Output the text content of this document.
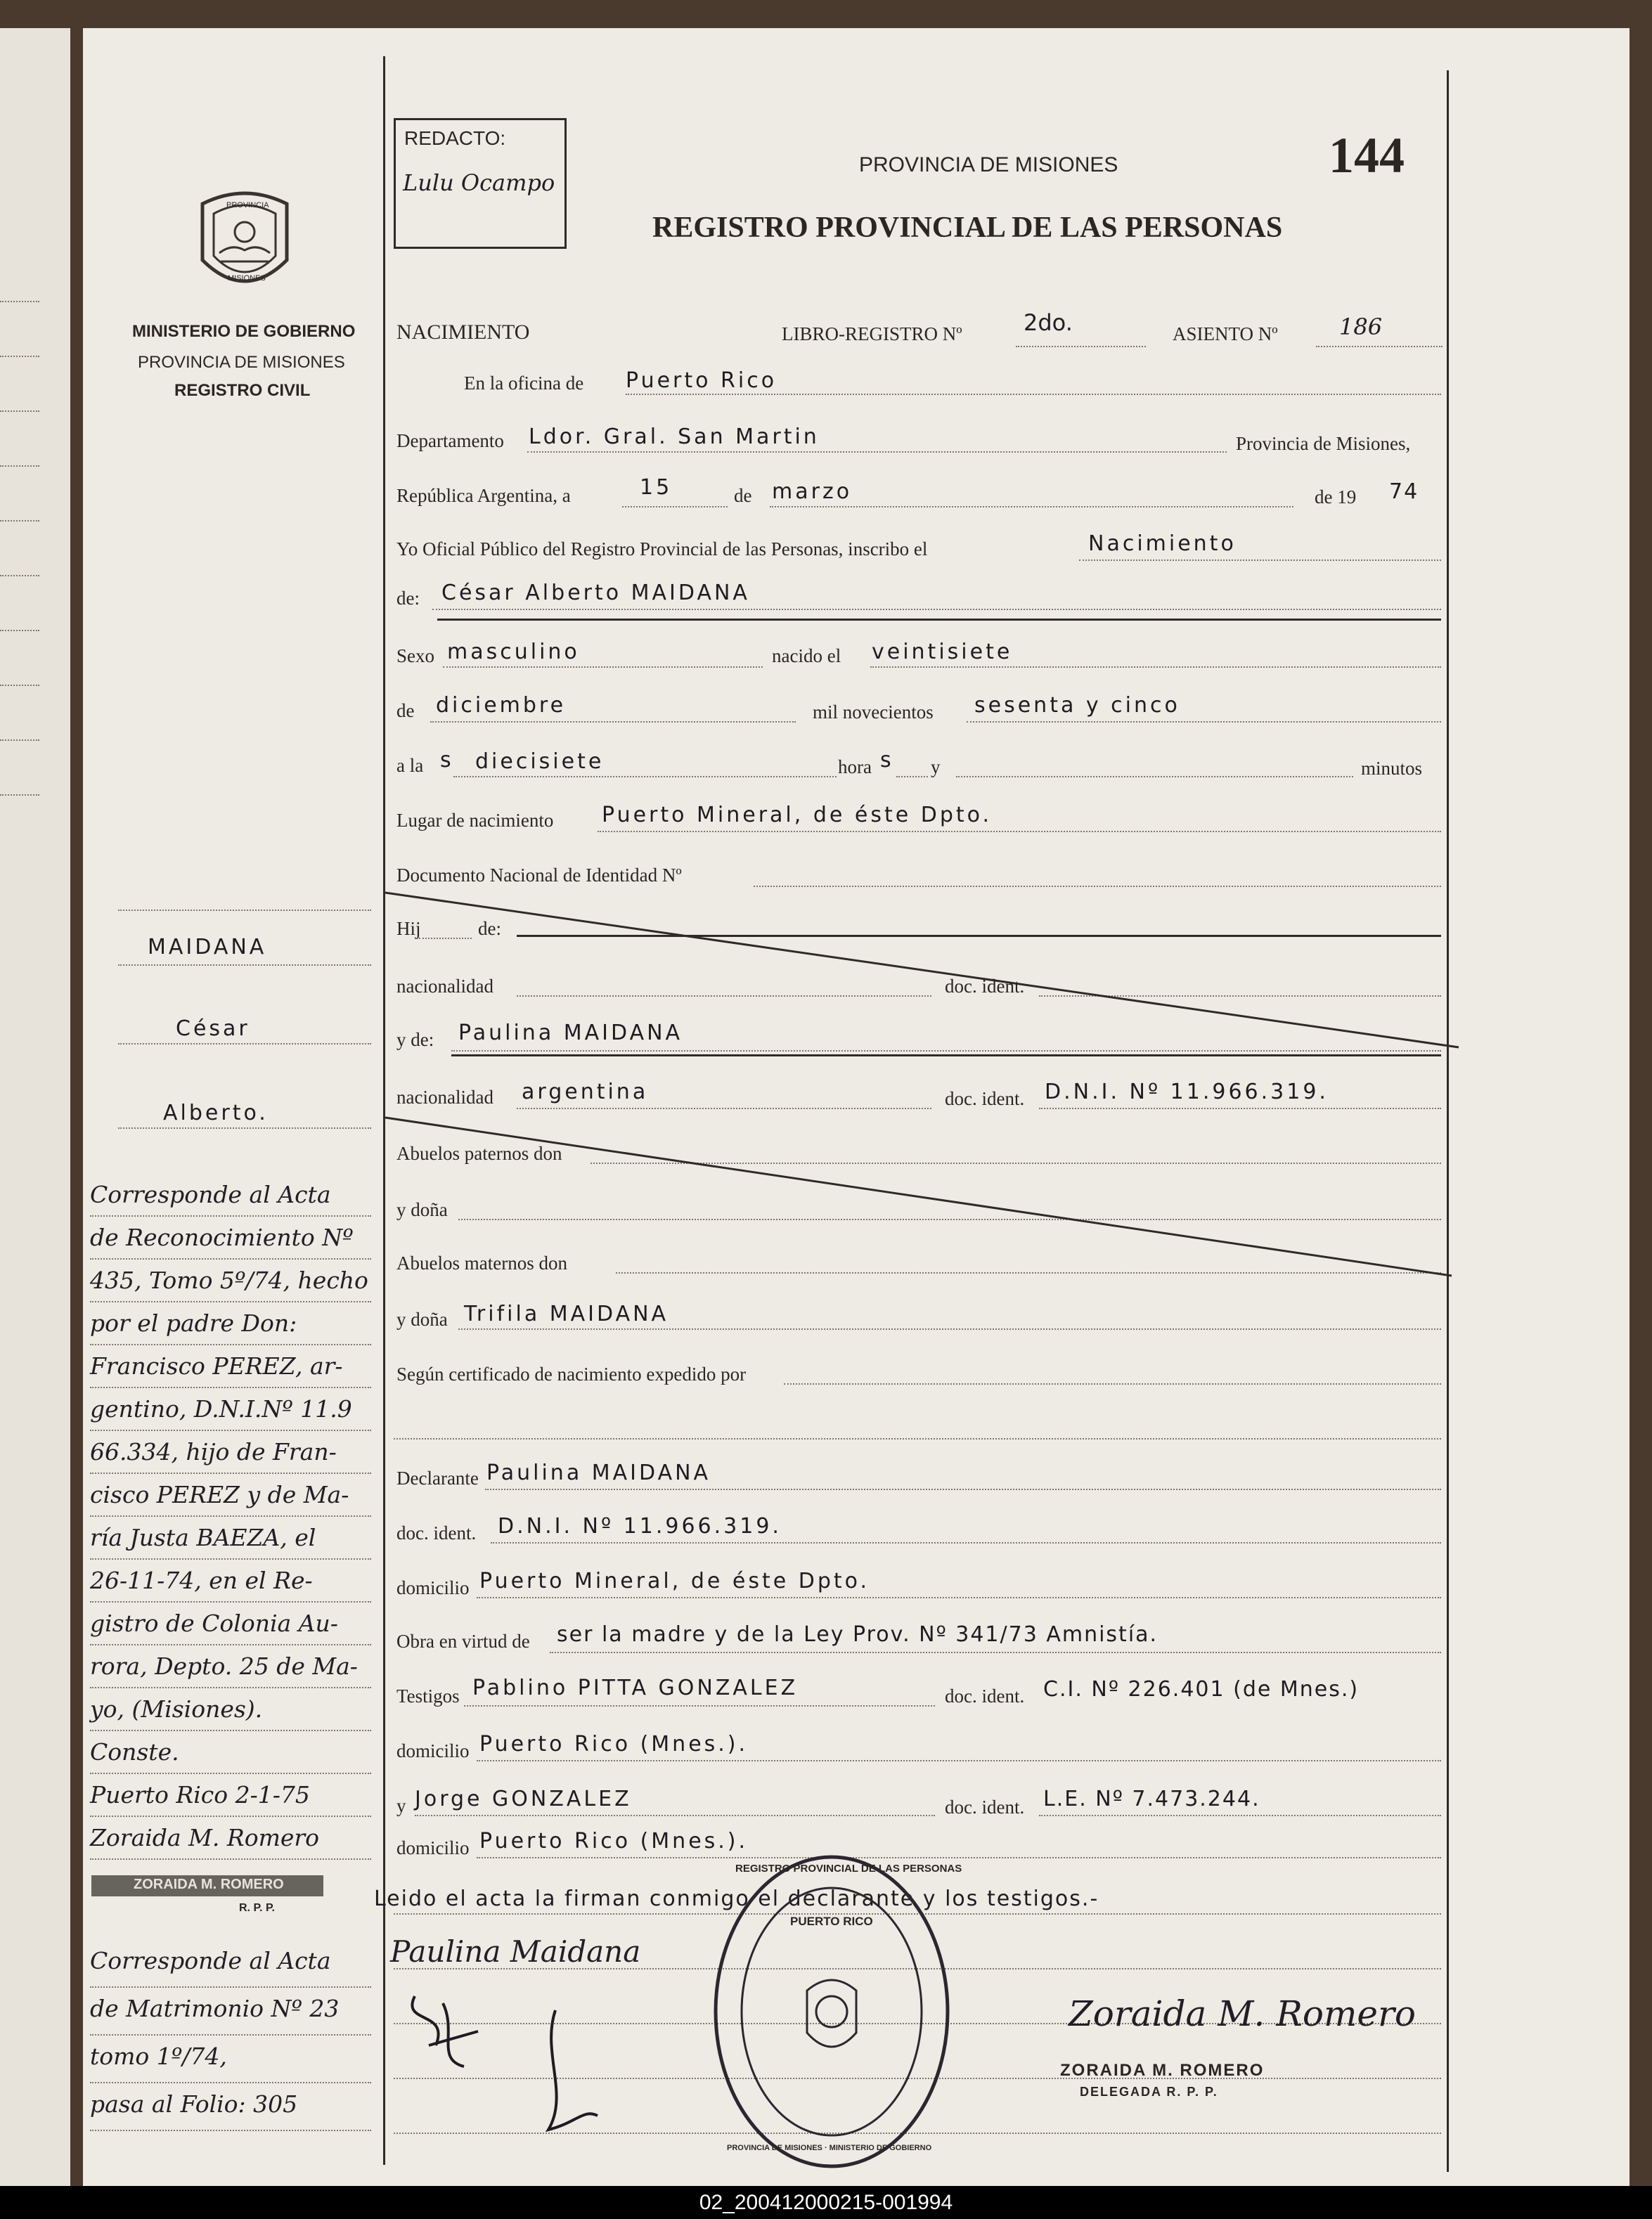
REDACTO:
Lulu Ocampo
PROVINCIA DE MISIONES	144
REGISTRO PROVINCIAL DE LAS PERSONAS
PROVINCIA
MISIONES
MINISTERIO DE GOBIERNO
PROVINCIA DE MISIONES
REGISTRO CIVIL
NACIMIENTO	LIBRO-REGISTRO Nº	2do.	ASIENTO Nº	186
En la oficina de Puerto Rico
Departamento Ldor. Gral. San Martin	Provincia de Misiones,
República Argentina, a	15	de marzo	de 19 74
Yo Oficial Público del Registro Provincial de las Personas, inscribo el	Nacimiento
de: César Alberto MAIDANA
Sexo masculino	nacido el veintisiete
de diciembre	mil novecientos sesenta y cinco
a la s diecisiete	hora s y	minutos
Lugar de nacimiento Puerto Mineral, de éste Dpto.
Documento Nacional de Identidad Nº
Hij	de:
nacionalidad	doc. ident.
y de: Paulina MAIDANA
nacionalidad argentina	doc. ident. D.N.I. Nº 11.966.319.
Abuelos paternos don
y doña
Abuelos maternos don
y doña Trifila MAIDANA
Según certificado de nacimiento expedido por
Declarante Paulina MAIDANA
doc. ident. D.N.I. Nº 11.966.319.
domicilio Puerto Mineral, de éste Dpto.
Obra en virtud de ser la madre y de la Ley Prov. Nº 341/73 Amnistía.
Testigos Pablino PITTA GONZALEZ	doc. ident. C.I. Nº 226.401 (de Mnes.)
domicilio Puerto Rico (Mnes.).
y Jorge GONZALEZ	doc. ident. L.E. Nº 7.473.244.
domicilio Puerto Rico (Mnes.).
Leido el acta la firman conmigo el declarante y los testigos.-
Paulina Maidana
REGISTRO PROVINCIAL DE LAS PERSONAS
PUERTO RICO
PROVINCIA DE MISIONES · MINISTERIO DE GOBIERNO
Zoraida M. Romero
ZORAIDA M. ROMERO
DELEGADA R. P. P.
MAIDANA
César
Alberto.
Corresponde al Acta
de Reconocimiento Nº
435, Tomo 5º/74, hecho
por el padre Don:
Francisco PEREZ, ar-
gentino, D.N.I.Nº 11.9
66.334, hijo de Fran-
cisco PEREZ y de Ma-
ría Justa BAEZA, el
26-11-74, en el Re-
gistro de Colonia Au-
rora, Depto. 25 de Ma-
yo, (Misiones).
Conste.
Puerto Rico 2-1-75
Zoraida M. Romero
ZORAIDA M. ROMERO
R. P. P.
Corresponde al Acta
de Matrimonio Nº 23
tomo 1º/74,
pasa al Folio: 305
02_200412000215-001994
